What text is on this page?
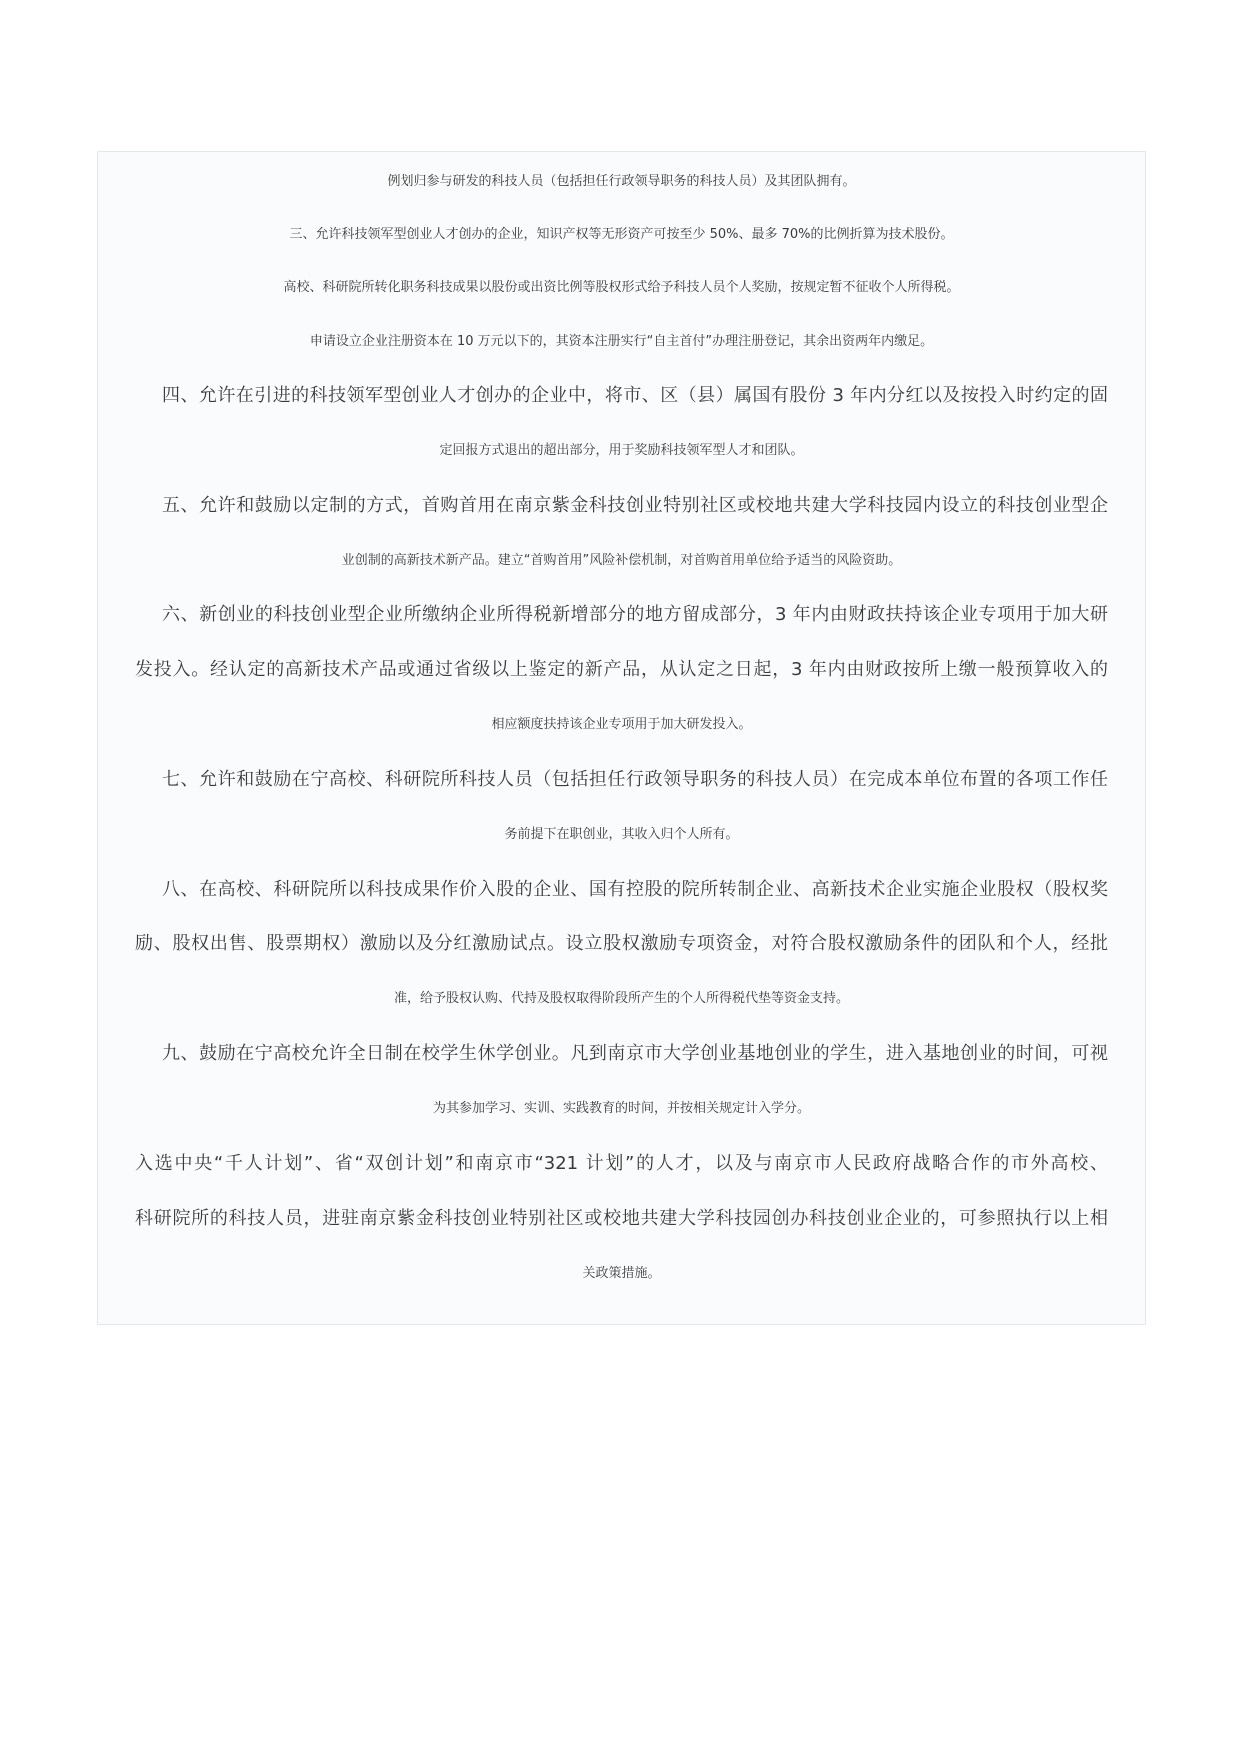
例划归参与研发的科技人员（包括担任行政领导职务的科技人员）及其团队拥有。
三、允许科技领军型创业人才创办的企业，知识产权等无形资产可按至少 50%、最多 70%的比例折算为技术股份。
高校、科研院所转化职务科技成果以股份或出资比例等股权形式给予科技人员个人奖励，按规定暂不征收个人所得税。
申请设立企业注册资本在 10 万元以下的，其资本注册实行“自主首付”办理注册登记，其余出资两年内缴足。
四、允许在引进的科技领军型创业人才创办的企业中，将市、区（县）属国有股份 3 年内分红以及按投入时约定的固
定回报方式退出的超出部分，用于奖励科技领军型人才和团队。
五、允许和鼓励以定制的方式，首购首用在南京紫金科技创业特别社区或校地共建大学科技园内设立的科技创业型企
业创制的高新技术新产品。建立“首购首用”风险补偿机制，对首购首用单位给予适当的风险资助。
六、新创业的科技创业型企业所缴纳企业所得税新增部分的地方留成部分，3 年内由财政扶持该企业专项用于加大研
发投入。经认定的高新技术产品或通过省级以上鉴定的新产品，从认定之日起，3 年内由财政按所上缴一般预算收入的
相应额度扶持该企业专项用于加大研发投入。
七、允许和鼓励在宁高校、科研院所科技人员（包括担任行政领导职务的科技人员）在完成本单位布置的各项工作任
务前提下在职创业，其收入归个人所有。
八、在高校、科研院所以科技成果作价入股的企业、国有控股的院所转制企业、高新技术企业实施企业股权（股权奖
励、股权出售、股票期权）激励以及分红激励试点。设立股权激励专项资金，对符合股权激励条件的团队和个人，经批
准，给予股权认购、代持及股权取得阶段所产生的个人所得税代垫等资金支持。
九、鼓励在宁高校允许全日制在校学生休学创业。凡到南京市大学创业基地创业的学生，进入基地创业的时间，可视
为其参加学习、实训、实践教育的时间，并按相关规定计入学分。
入选中央“千人计划”、省“双创计划”和南京市“321 计划”的人才，以及与南京市人民政府战略合作的市外高校、
科研院所的科技人员，进驻南京紫金科技创业特别社区或校地共建大学科技园创办科技创业企业的，可参照执行以上相
关政策措施。
